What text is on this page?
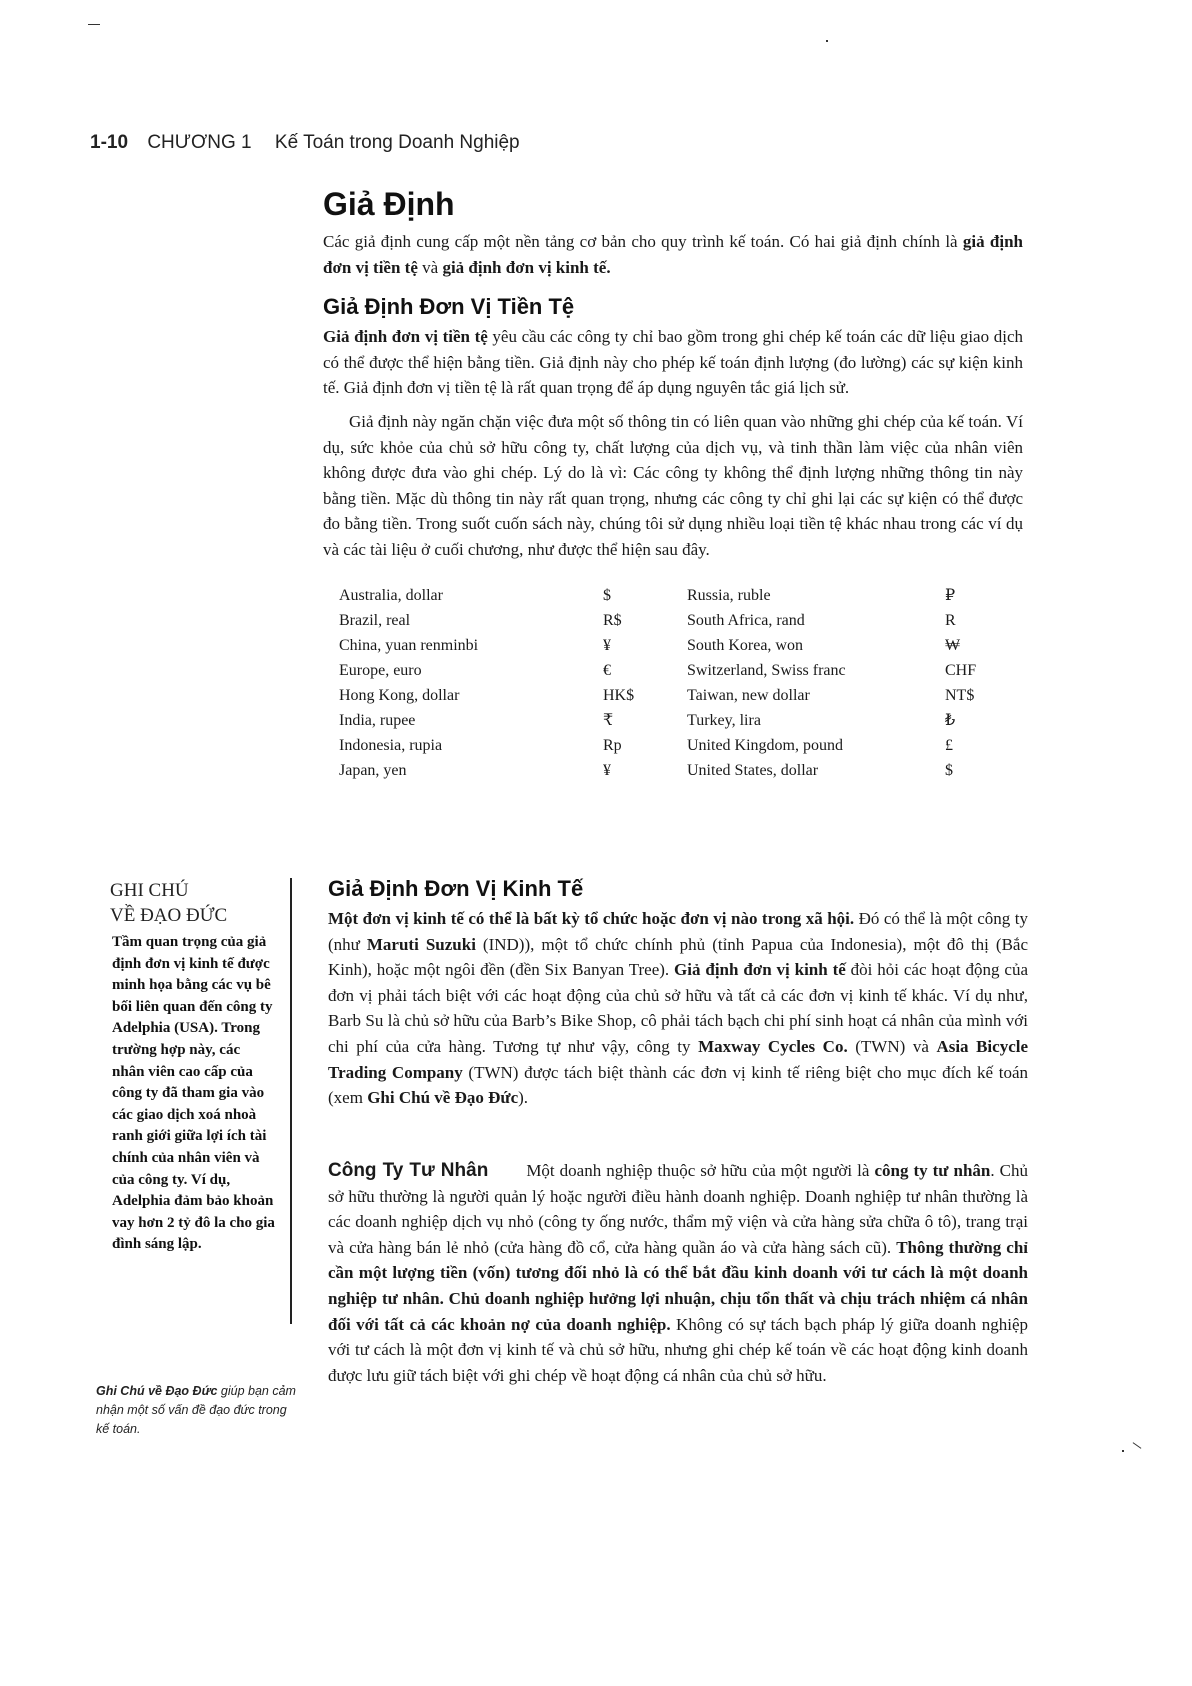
1-10 CHƯƠNG 1 Kế Toán trong Doanh Nghiệp
Giả Định

Các giả định cung cấp một nền tảng cơ bản cho quy trình kế toán. Có hai giả định chính là giả định đơn vị tiền tệ và giả định đơn vị kinh tế.

Giả Định Đơn Vị Tiền Tệ

Giả định đơn vị tiền tệ yêu cầu các công ty chỉ bao gồm trong ghi chép kế toán các dữ liệu giao dịch có thể được thể hiện bằng tiền. Giả định này cho phép kế toán định lượng (đo lường) các sự kiện kinh tế. Giả định đơn vị tiền tệ là rất quan trọng để áp dụng nguyên tắc giá lịch sử.

Giả định này ngăn chặn việc đưa một số thông tin có liên quan vào những ghi chép của kế toán. Ví dụ, sức khỏe của chủ sở hữu công ty, chất lượng của dịch vụ, và tinh thần làm việc của nhân viên không được đưa vào ghi chép. Lý do là vì: Các công ty không thể định lượng những thông tin này bằng tiền. Mặc dù thông tin này rất quan trọng, nhưng các công ty chỉ ghi lại các sự kiện có thể được đo bằng tiền. Trong suốt cuốn sách này, chúng tôi sử dụng nhiều loại tiền tệ khác nhau trong các ví dụ và các tài liệu ở cuối chương, như được thể hiện sau đây.

Australia, dollar	$	Russia, ruble	₽
Brazil, real	R$	South Africa, rand	R
China, yuan renminbi	¥	South Korea, won	₩
Europe, euro	€	Switzerland, Swiss franc	CHF
Hong Kong, dollar	HK$	Taiwan, new dollar	NT$
India, rupee	₹	Turkey, lira	₺
Indonesia, rupia	Rp	United Kingdom, pound	£
Japan, yen	¥	United States, dollar	$
Giả Định Đơn Vị Kinh Tế

Một đơn vị kinh tế có thể là bất kỳ tổ chức hoặc đơn vị nào trong xã hội. Đó có thể là một công ty (như Maruti Suzuki (IND)), một tổ chức chính phủ (tỉnh Papua của Indonesia), một đô thị (Bắc Kinh), hoặc một ngôi đền (đền Six Banyan Tree). Giả định đơn vị kinh tế đòi hỏi các hoạt động của đơn vị phải tách biệt với các hoạt động của chủ sở hữu và tất cả các đơn vị kinh tế khác. Ví dụ như, Barb Su là chủ sở hữu của Barb’s Bike Shop, cô phải tách bạch chi phí sinh hoạt cá nhân của mình với chi phí của cửa hàng. Tương tự như vậy, công ty Maxway Cycles Co. (TWN) và Asia Bicycle Trading Company (TWN) được tách biệt thành các đơn vị kinh tế riêng biệt cho mục đích kế toán (xem Ghi Chú về Đạo Đức).

Công Ty Tư Nhân Một doanh nghiệp thuộc sở hữu của một người là công ty tư nhân. Chủ sở hữu thường là người quản lý hoặc người điều hành doanh nghiệp. Doanh nghiệp tư nhân thường là các doanh nghiệp dịch vụ nhỏ (công ty ống nước, thẩm mỹ viện và cửa hàng sửa chữa ô tô), trang trại và cửa hàng bán lẻ nhỏ (cửa hàng đồ cổ, cửa hàng quần áo và cửa hàng sách cũ). Thông thường chỉ cần một lượng tiền (vốn) tương đối nhỏ là có thể bắt đầu kinh doanh với tư cách là một doanh nghiệp tư nhân. Chủ doanh nghiệp hưởng lợi nhuận, chịu tổn thất và chịu trách nhiệm cá nhân đối với tất cả các khoản nợ của doanh nghiệp. Không có sự tách bạch pháp lý giữa doanh nghiệp với tư cách là một đơn vị kinh tế và chủ sở hữu, nhưng ghi chép kế toán về các hoạt động kinh doanh được lưu giữ tách biệt với ghi chép về hoạt động cá nhân của chủ sở hữu.

GHI CHÚ
VỀ ĐẠO ĐỨC

Tầm quan trọng của giả định đơn vị kinh tế được minh họa bằng các vụ bê bối liên quan đến công ty Adelphia (USA). Trong trường hợp này, các nhân viên cao cấp của công ty đã tham gia vào các giao dịch xoá nhoà ranh giới giữa lợi ích tài chính của nhân viên và của công ty. Ví dụ, Adelphia đảm bảo khoản vay hơn 2 tỷ đô la cho gia đình sáng lập.

Ghi Chú về Đạo Đức giúp bạn cảm nhận một số vấn đề đạo đức trong kế toán.
